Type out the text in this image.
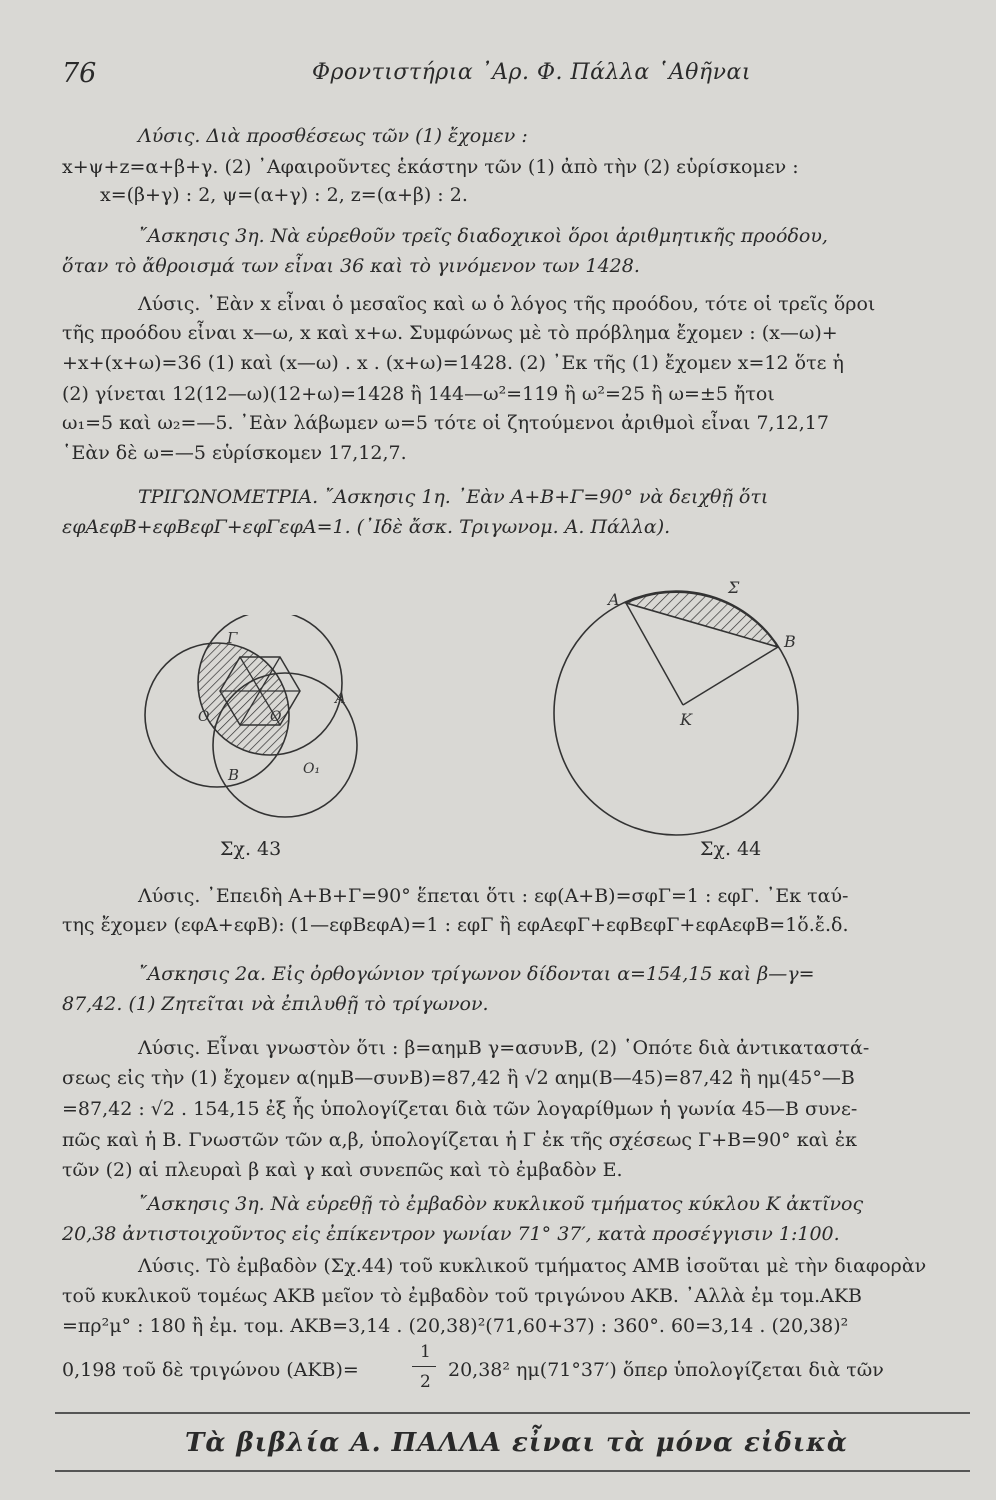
76	Φροντιστήρια ᾿Αρ. Φ. Πάλλα ῾Αθῆναι
Λύσις. Διὰ προσθέσεως τῶν (1) ἔχομεν :
x+ψ+z=α+β+γ. (2) ᾿Αφαιροῦντες ἑκάστην τῶν (1) ἀπὸ τὴν (2) εὑρίσκομεν :
x=(β+γ) : 2, ψ=(α+γ) : 2, z=(α+β) : 2.
῎Ασκησις 3η. Νὰ εὑρεθοῦν τρεῖς διαδοχικοὶ ὅροι ἀριθμητικῆς προόδου,
ὅταν τὸ ἄθροισμά των εἶναι 36 καὶ τὸ γινόμενον των 1428.
Λύσις. ᾿Εὰν x εἶναι ὁ μεσαῖος καὶ ω ὁ λόγος τῆς προόδου, τότε οἱ τρεῖς ὅροι
τῆς προόδου εἶναι x—ω, x καὶ x+ω. Συμφώνως μὲ τὸ πρόβλημα ἔχομεν : (x—ω)+
+x+(x+ω)=36 (1) καὶ (x—ω) . x . (x+ω)=1428. (2) ᾿Εκ τῆς (1) ἔχομεν x=12 ὅτε ἡ
(2) γίνεται 12(12—ω)(12+ω)=1428 ἢ 144—ω²=119 ἢ ω²=25 ἢ ω=±5 ἤτοι
ω₁=5 καὶ ω₂=—5. ᾿Εὰν λάβωμεν ω=5 τότε οἱ ζητούμενοι ἀριθμοὶ εἶναι 7,12,17
῾Εὰν δὲ ω=—5 εὑρίσκομεν 17,12,7.
ΤΡΙΓΩΝΟΜΕΤΡΙΑ. ῎Ασκησις 1η. ᾿Εὰν Α+Β+Γ=90° νὰ δειχθῇ ὅτι
εφΑεφΒ+εφΒεφΓ+εφΓεφΑ=1. (᾿Ιδὲ ἄσκ. Τριγωνομ. Α. Πάλλα).
Γ
Α
Β
Ο	Ο
Ο₁
Σχ. 43
Α
Σ
Β
Κ
Σχ. 44
Λύσις. ᾿Επειδὴ Α+Β+Γ=90° ἕπεται ὅτι : εφ(Α+Β)=σφΓ=1 : εφΓ. ᾿Εκ ταύ-
της ἔχομεν (εφΑ+εφΒ): (1—εφΒεφΑ)=1 : εφΓ ἢ εφΑεφΓ+εφΒεφΓ+εφΑεφΒ=1ὅ.ἔ.δ.
῎Ασκησις 2α. Εἰς ὀρθογώνιον τρίγωνον δίδονται α=154,15 καὶ β—γ=
87,42. (1) Ζητεῖται νὰ ἐπιλυθῇ τὸ τρίγωνον.
Λύσις. Εἶναι γνωστὸν ὅτι : β=αημΒ γ=ασυνΒ, (2) ῾Οπότε διὰ ἀντικαταστά-
σεως εἰς τὴν (1) ἔχομεν α(ημΒ—συνΒ)=87,42 ἢ √2 αημ(Β—45)=87,42 ἢ ημ(45°—Β
=87,42 : √2 . 154,15 ἐξ ἧς ὑπολογίζεται διὰ τῶν λογαρίθμων ἡ γωνία 45—Β συνε-
πῶς καὶ ἡ Β. Γνωστῶν τῶν α,β, ὑπολογίζεται ἡ Γ ἐκ τῆς σχέσεως Γ+Β=90° καὶ ἐκ
τῶν (2) αἱ πλευραὶ β καὶ γ καὶ συνεπῶς καὶ τὸ ἐμβαδὸν Ε.
῎Ασκησις 3η. Νὰ εὑρεθῇ τὸ ἐμβαδὸν κυκλικοῦ τμήματος κύκλου Κ ἀκτῖνος
20,38 ἀντιστοιχοῦντος εἰς ἐπίκεντρον γωνίαν 71° 37′, κατὰ προσέγγισιν 1:100.
Λύσις. Τὸ ἐμβαδὸν (Σχ.44) τοῦ κυκλικοῦ τμήματος ΑΜΒ ἰσοῦται μὲ τὴν διαφορὰν
τοῦ κυκλικοῦ τομέως ΑΚΒ μεῖον τὸ ἐμβαδὸν τοῦ τριγώνου ΑΚΒ. ᾿Αλλὰ ἐμ τομ.ΑΚΒ
=πρ²μ° : 180 ἢ ἐμ. τομ. ΑΚΒ=3,14 . (20,38)²(71,60+37) : 360°. 60=3,14 . (20,38)²
0,198 τοῦ δὲ τριγώνου (ΑΚΒ)=
1
2
20,38² ημ(71°37′) ὅπερ ὑπολογίζεται διὰ τῶν
Τὰ βιβλία Α. ΠΑΛΛΑ εἶναι τὰ μόνα εἰδικὰ
